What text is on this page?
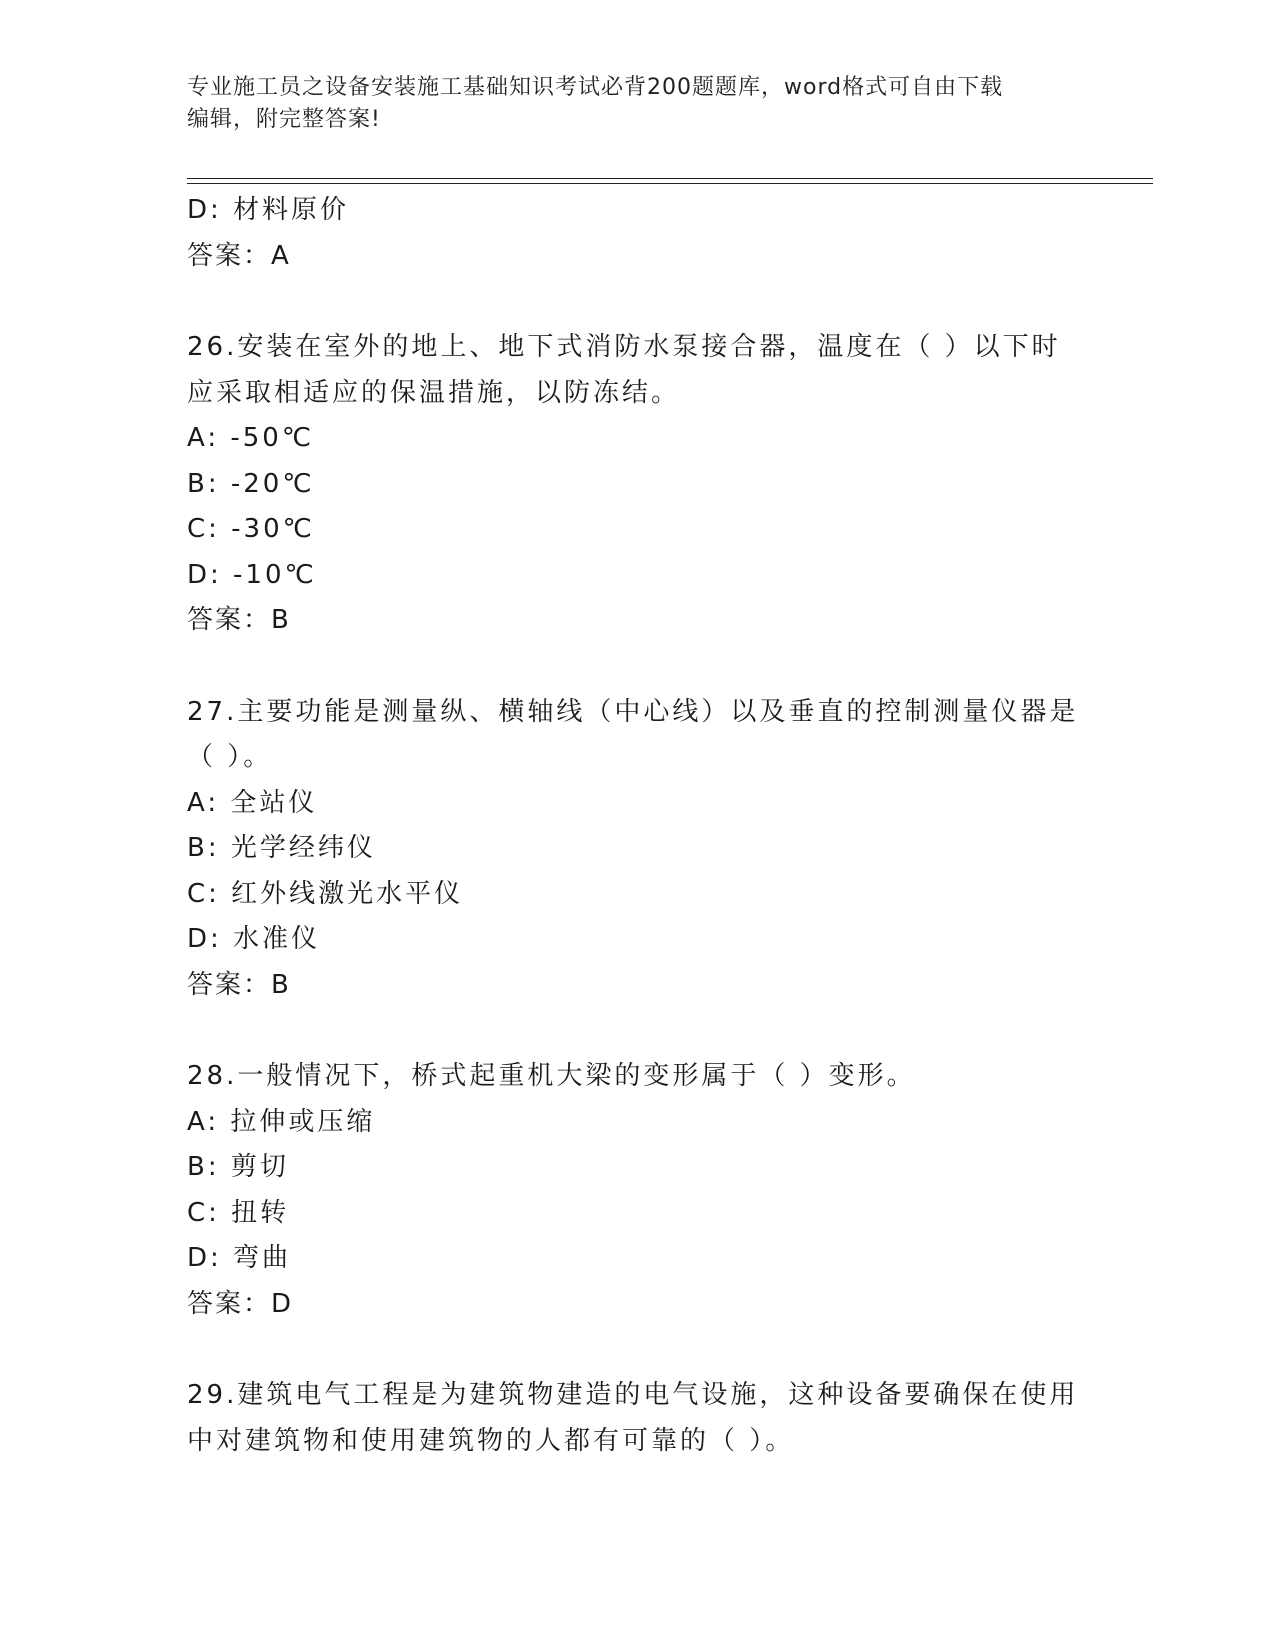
专业施工员之设备安装施工基础知识考试必背200题题库，word格式可自由下载
编辑，附完整答案!
D: 材料原价
答案：A
26.安装在室外的地上、地下式消防水泵接合器，温度在（ ）以下时
应采取相适应的保温措施，以防冻结。
A: -50℃
B: -20℃
C: -30℃
D: -10℃
答案：B
27.主要功能是测量纵、横轴线（中心线）以及垂直的控制测量仪器是
（ ）。
A: 全站仪
B: 光学经纬仪
C: 红外线激光水平仪
D: 水准仪
答案：B
28.一般情况下，桥式起重机大梁的变形属于（ ）变形。
A: 拉伸或压缩
B: 剪切
C: 扭转
D: 弯曲
答案：D
29.建筑电气工程是为建筑物建造的电气设施，这种设备要确保在使用
中对建筑物和使用建筑物的人都有可靠的（ ）。
